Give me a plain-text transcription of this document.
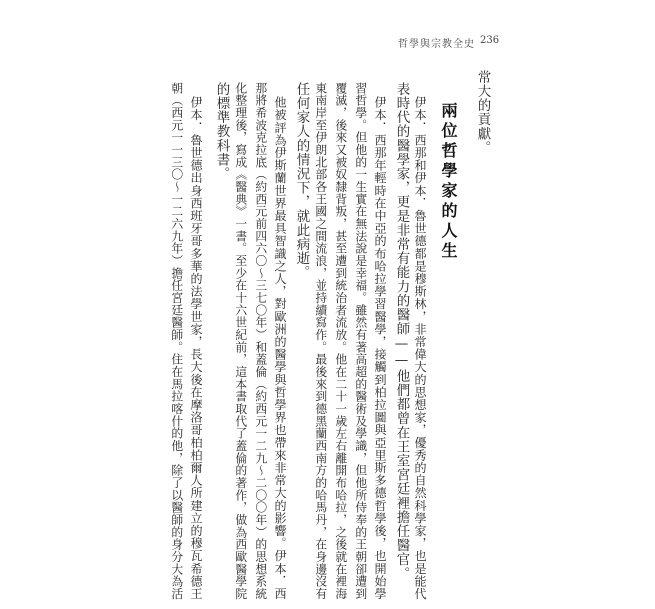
哲學與宗教全史 236
常大的貢獻。
兩位哲學家的人生
伊本．西那和伊本．魯世德都是穆斯林，非常偉大的思想家，優秀的自然科學家，也是能代
表時代的醫學家，更是非常有能力的醫師——他們都曾在王室宮廷裡擔任醫官。
伊本．西那年輕時在中亞的布哈拉學習醫學，接觸到柏拉圖與亞里斯多德哲學後，也開始學
習哲學。但他的一生實在無法說是幸福。雖然有著高超的醫術及學識，但他所侍奉的王朝卻遭到
覆滅，後來又被奴隸背叛，甚至遭到統治者流放。他在二十一歲左右離開布哈拉，之後就在裡海
東南岸至伊朗北部各王國之間流浪，並持續寫作。最後來到德黑蘭西南方的哈馬丹，在身邊沒有
任何家人的情況下，就此病逝。
他被評為伊斯蘭世界最具智識之人，對歐洲的醫學與哲學界也帶來非常大的影響。伊本．西
那將希波克拉底（約西元前四六〇～三七〇年）和蓋倫（約西元一二九～二〇〇年）的思想系統
化整理後，寫成《醫典》一書。至少在十六世紀前，這本書取代了蓋倫的著作，做為西歐醫學院
的標準教科書。
伊本．魯世德出身西班牙哥多華的法學世家，長大後在摩洛哥柏柏爾人所建立的穆瓦希德王
朝（西元一一三〇～一二六九年）擔任宮廷醫師。住在馬拉喀什的他，除了以醫師的身分大為活
